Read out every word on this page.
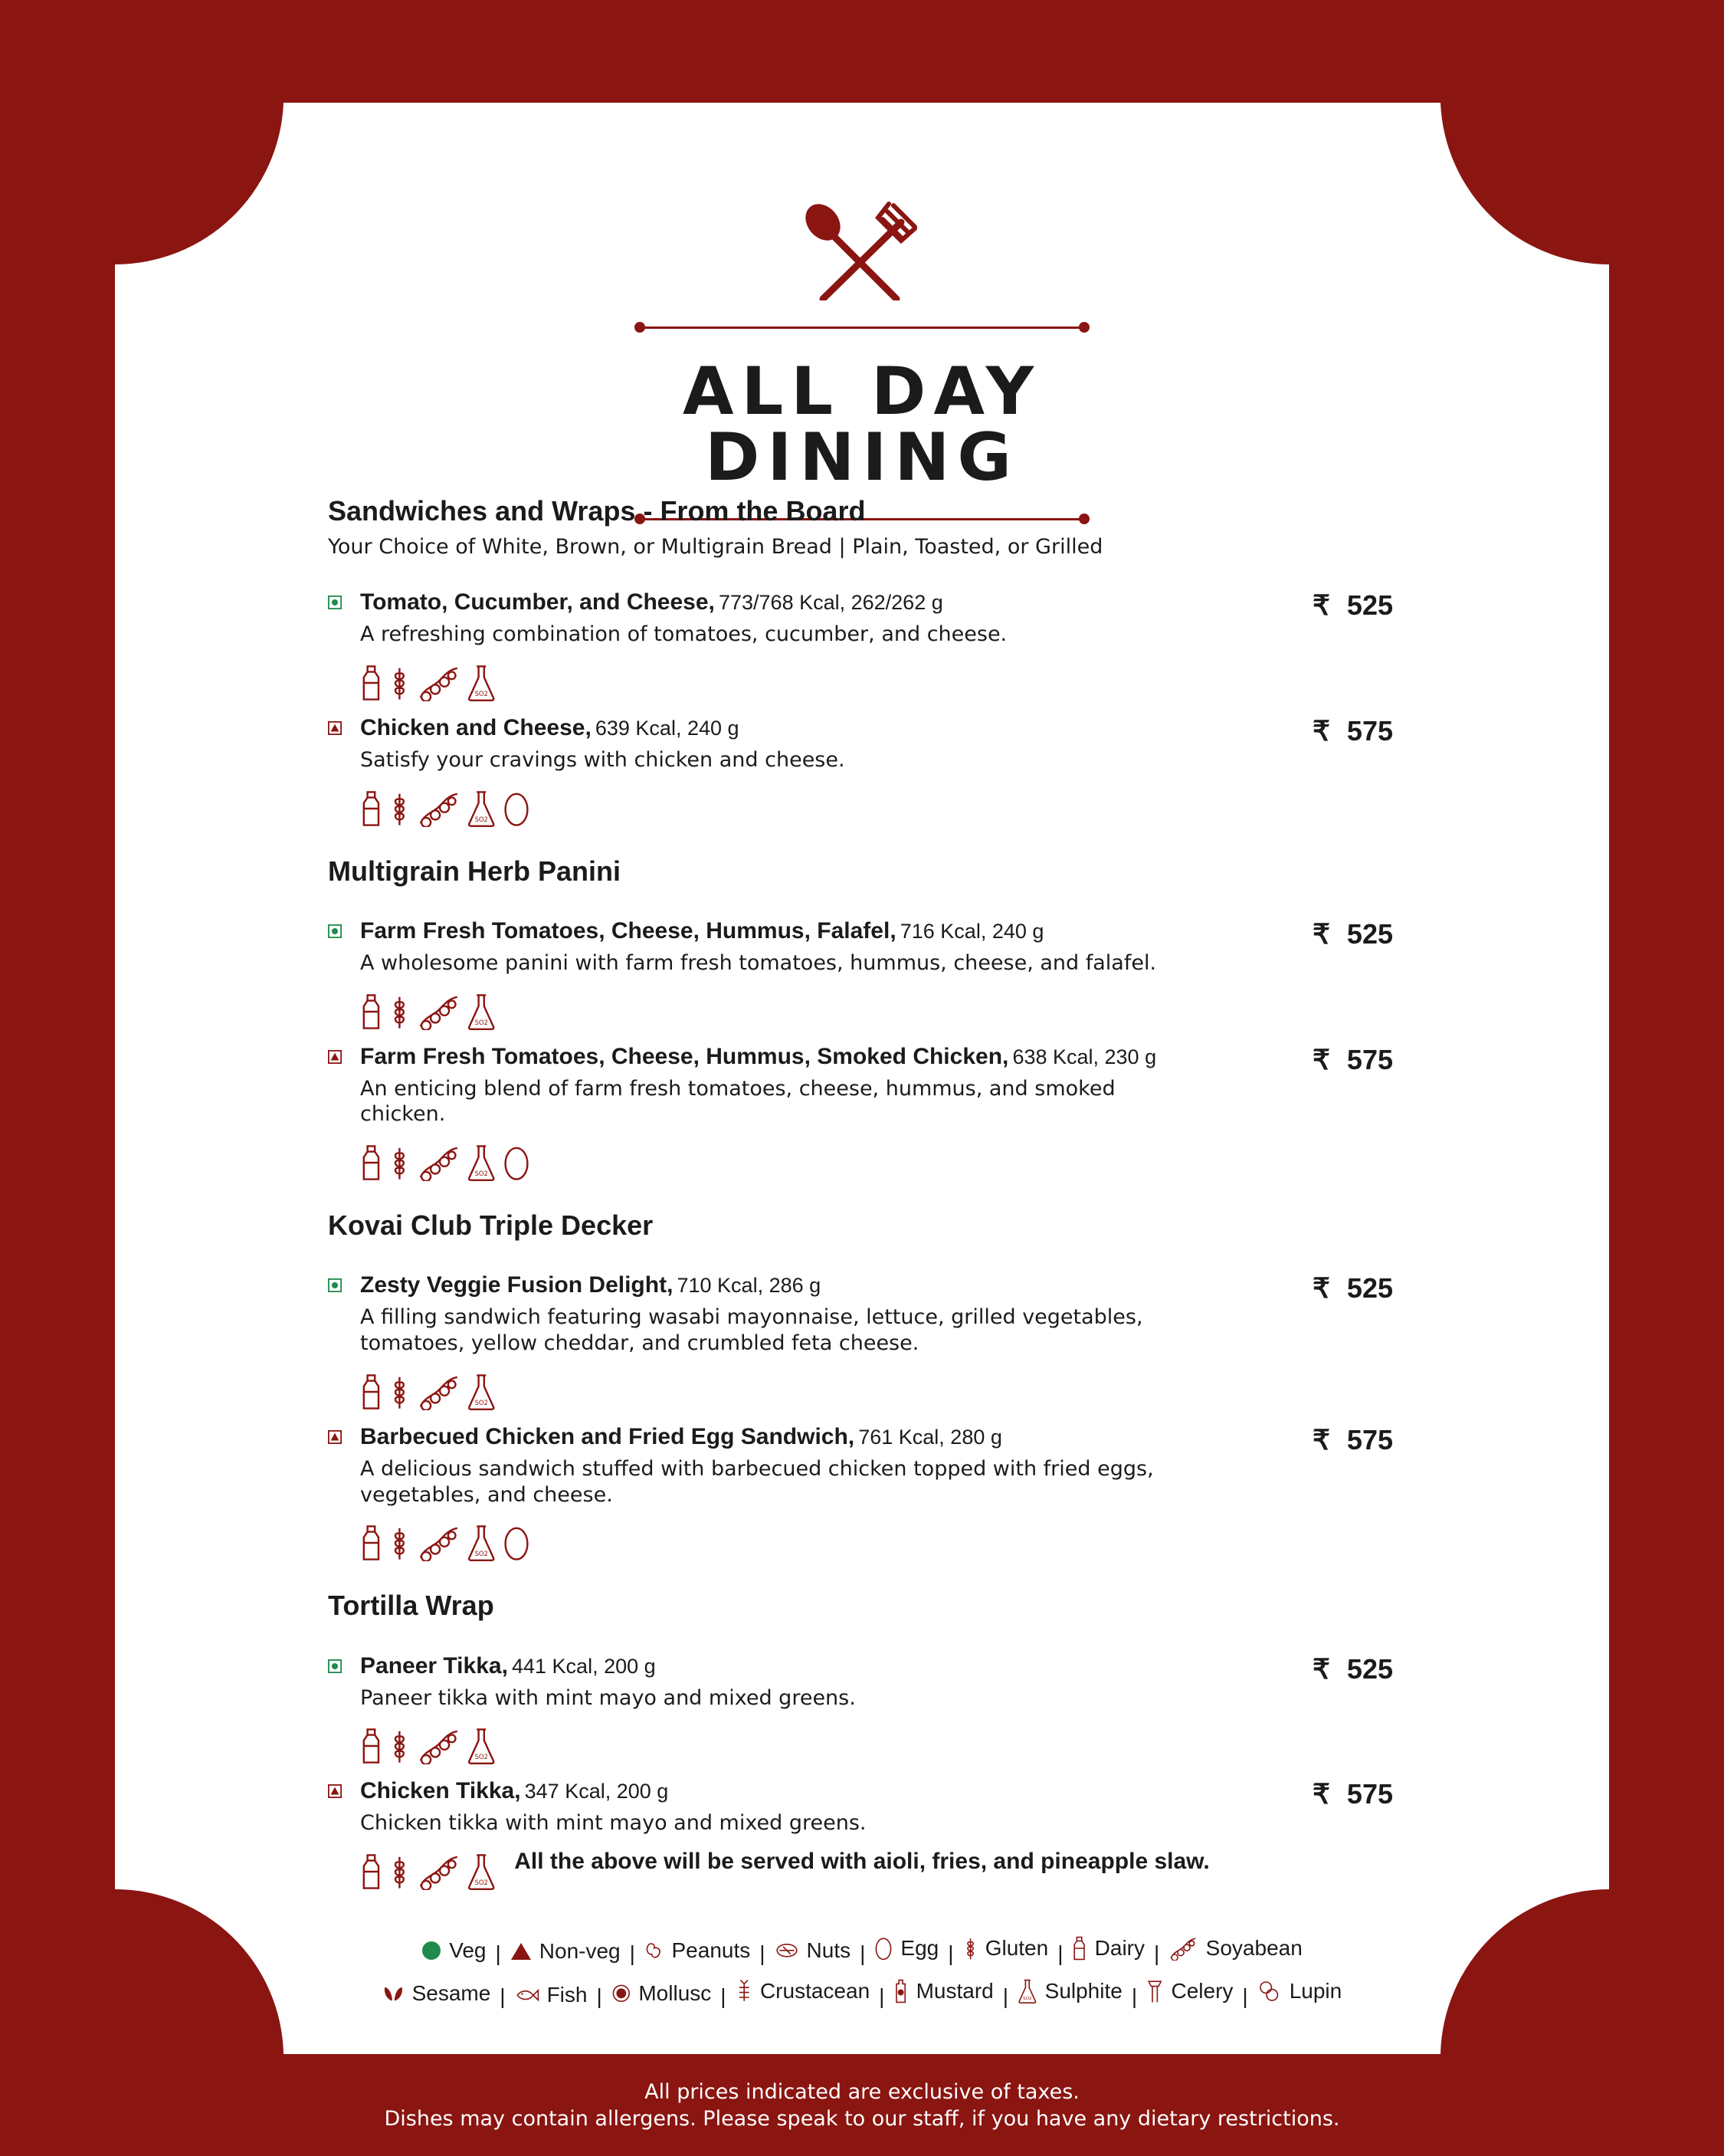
ALL DAY DINING
Sandwiches and Wraps - From the Board
Your Choice of White, Brown, or Multigrain Bread | Plain, Toasted, or Grilled
Tomato, Cucumber, and Cheese, 773/768 Kcal, 262/262 g
A refreshing combination of tomatoes, cucumber, and cheese.
₹ 525
SO2
Chicken and Cheese, 639 Kcal, 240 g
Satisfy your cravings with chicken and cheese.
₹ 575
SO2
Multigrain Herb Panini
Farm Fresh Tomatoes, Cheese, Hummus, Falafel, 716 Kcal, 240 g
A wholesome panini with farm fresh tomatoes, hummus, cheese, and falafel.
₹ 525
SO2
Farm Fresh Tomatoes, Cheese, Hummus, Smoked Chicken, 638 Kcal, 230 g
An enticing blend of farm fresh tomatoes, cheese, hummus, and smoked chicken.
₹ 575
SO2
Kovai Club Triple Decker
Zesty Veggie Fusion Delight, 710 Kcal, 286 g
A filling sandwich featuring wasabi mayonnaise, lettuce, grilled vegetables, tomatoes, yellow cheddar, and crumbled feta cheese.
₹ 525
SO2
Barbecued Chicken and Fried Egg Sandwich, 761 Kcal, 280 g
A delicious sandwich stuffed with barbecued chicken topped with fried eggs, vegetables, and cheese.
₹ 575
SO2
Tortilla Wrap
Paneer Tikka, 441 Kcal, 200 g
Paneer tikka with mint mayo and mixed greens.
₹ 525
SO2
Chicken Tikka, 347 Kcal, 200 g
Chicken tikka with mint mayo and mixed greens.
₹ 575
SO2
All the above will be served with aioli, fries, and pineapple slaw.
Veg | Non-veg | Peanuts | Nuts | Egg | Gluten | Dairy | Soyabean
Sesame | Fish | Mollusc | Crustacean | Mustard |	SO2 Sulphite | Celery | Lupin
All prices indicated are exclusive of taxes.
Dishes may contain allergens. Please speak to our staff, if you have any dietary restrictions.
